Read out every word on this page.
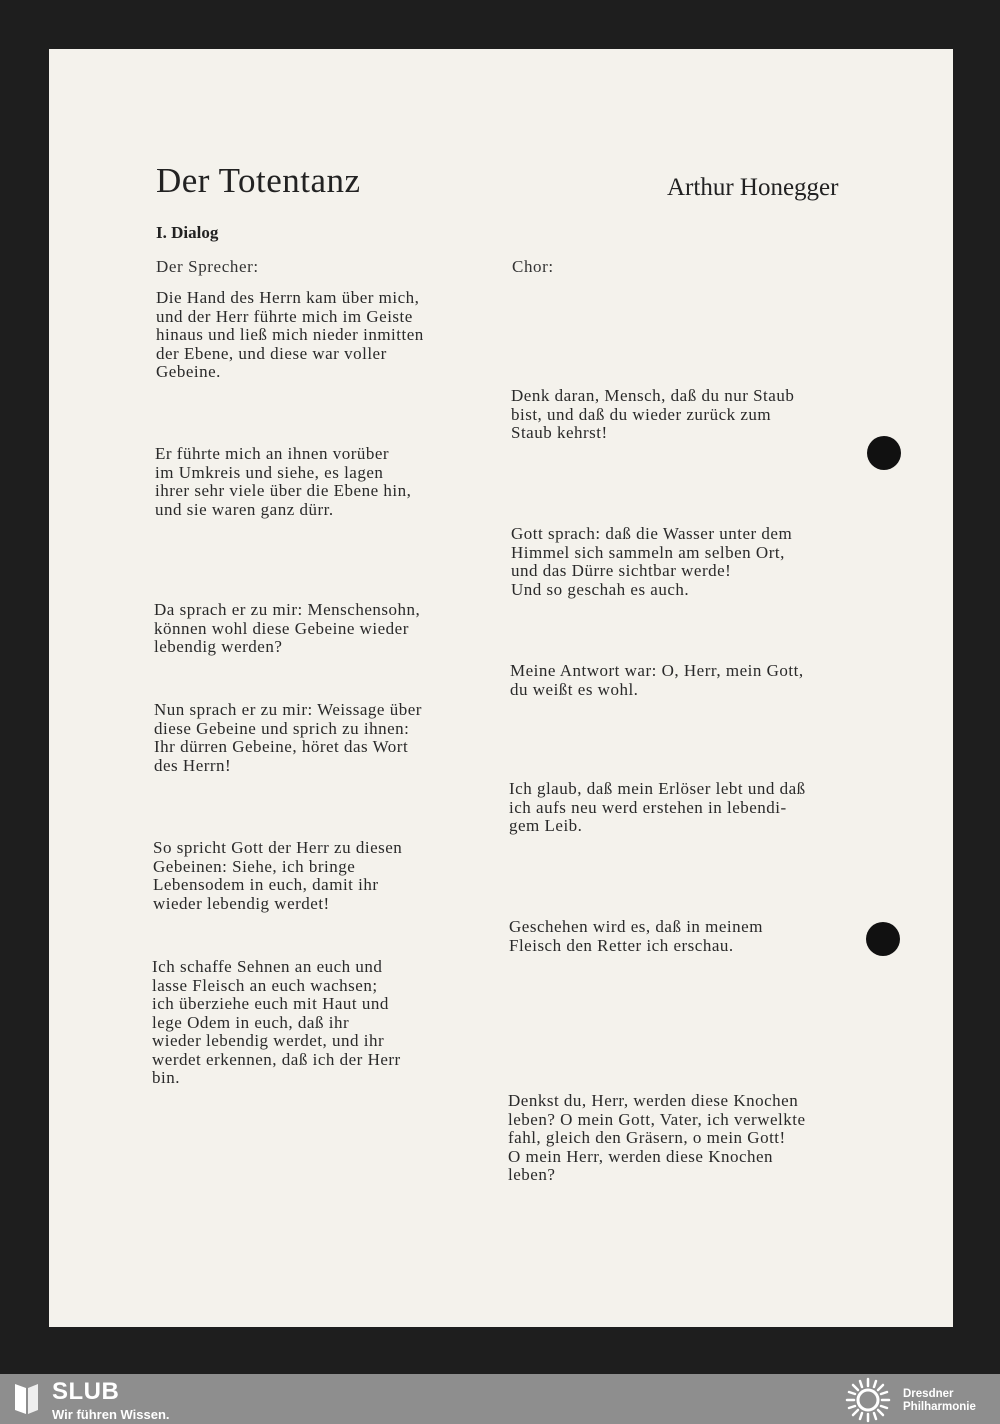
Der Totentanz	Arthur Honegger
I. Dialog
Der Sprecher:	Chor:
Die Hand des Herrn kam über mich,
und der Herr führte mich im Geiste
hinaus und ließ mich nieder inmitten
der Ebene, und diese war voller
Gebeine.
Er führte mich an ihnen vorüber
im Umkreis und siehe, es lagen
ihrer sehr viele über die Ebene hin,
und sie waren ganz dürr.
Da sprach er zu mir: Menschensohn,
können wohl diese Gebeine wieder
lebendig werden?
Nun sprach er zu mir: Weissage über
diese Gebeine und sprich zu ihnen:
Ihr dürren Gebeine, höret das Wort
des Herrn!
So spricht Gott der Herr zu diesen
Gebeinen: Siehe, ich bringe
Lebensodem in euch, damit ihr
wieder lebendig werdet!
Ich schaffe Sehnen an euch und
lasse Fleisch an euch wachsen;
ich überziehe euch mit Haut und
lege Odem in euch, daß ihr
wieder lebendig werdet, und ihr
werdet erkennen, daß ich der Herr
bin.
Denk daran, Mensch, daß du nur Staub
bist, und daß du wieder zurück zum
Staub kehrst!
Gott sprach: daß die Wasser unter dem
Himmel sich sammeln am selben Ort,
und das Dürre sichtbar werde!
Und so geschah es auch.
Meine Antwort war: O, Herr, mein Gott,
du weißt es wohl.
Ich glaub, daß mein Erlöser lebt und daß
ich aufs neu werd erstehen in lebendi-
gem Leib.
Geschehen wird es, daß in meinem
Fleisch den Retter ich erschau.
Denkst du, Herr, werden diese Knochen
leben? O mein Gott, Vater, ich verwelkte
fahl, gleich den Gräsern, o mein Gott!
O mein Herr, werden diese Knochen
leben?
SLUB
Wir führen Wissen.
Dresdner
Philharmonie
